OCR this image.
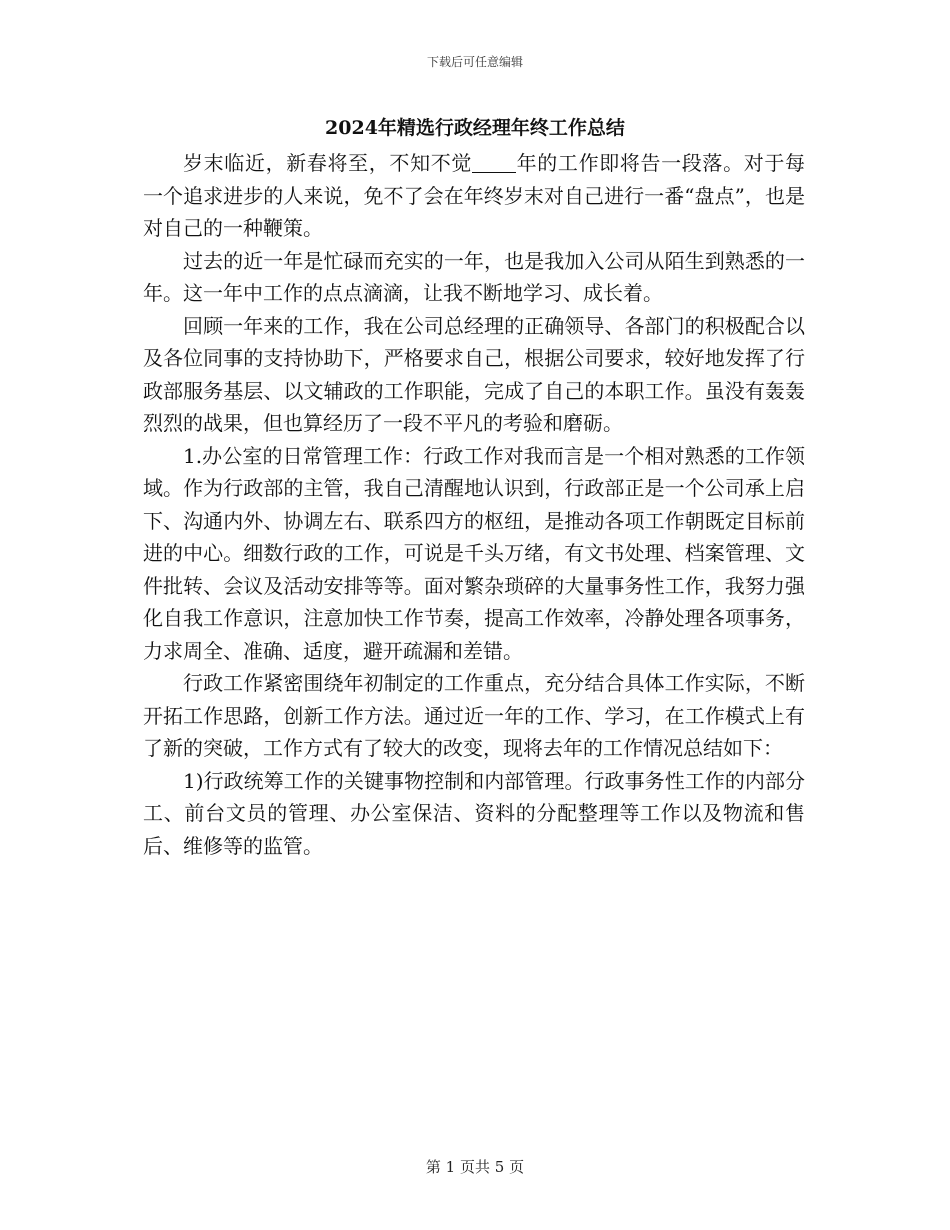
下载后可任意编辑
2024年精选行政经理年终工作总结

岁末临近，新春将至，不知不觉 年的工作即将告一段落。对于每一个追求进步的人来说，免不了会在年终岁末对自己进行一番“盘点”，也是对自己的一种鞭策。

过去的近一年是忙碌而充实的一年，也是我加入公司从陌生到熟悉的一年。这一年中工作的点点滴滴，让我不断地学习、成长着。

回顾一年来的工作，我在公司总经理的正确领导、各部门的积极配合以及各位同事的支持协助下，严格要求自己，根据公司要求，较好地发挥了行政部服务基层、以文辅政的工作职能，完成了自己的本职工作。虽没有轰轰烈烈的战果，但也算经历了一段不平凡的考验和磨砺。

1.办公室的日常管理工作：行政工作对我而言是一个相对熟悉的工作领域。作为行政部的主管，我自己清醒地认识到，行政部正是一个公司承上启下、沟通内外、协调左右、联系四方的枢纽，是推动各项工作朝既定目标前进的中心。细数行政的工作，可说是千头万绪，有文书处理、档案管理、文件批转、会议及活动安排等等。面对繁杂琐碎的大量事务性工作，我努力强化自我工作意识，注意加快工作节奏，提高工作效率，冷静处理各项事务，力求周全、准确、适度，避开疏漏和差错。

行政工作紧密围绕年初制定的工作重点，充分结合具体工作实际，不断开拓工作思路，创新工作方法。通过近一年的工作、学习，在工作模式上有了新的突破，工作方式有了较大的改变，现将去年的工作情况总结如下：

1)行政统筹工作的关键事物控制和内部管理。行政事务性工作的内部分工、前台文员的管理、办公室保洁、资料的分配整理等工作以及物流和售后、维修等的监管。

第 1 页共 5 页
